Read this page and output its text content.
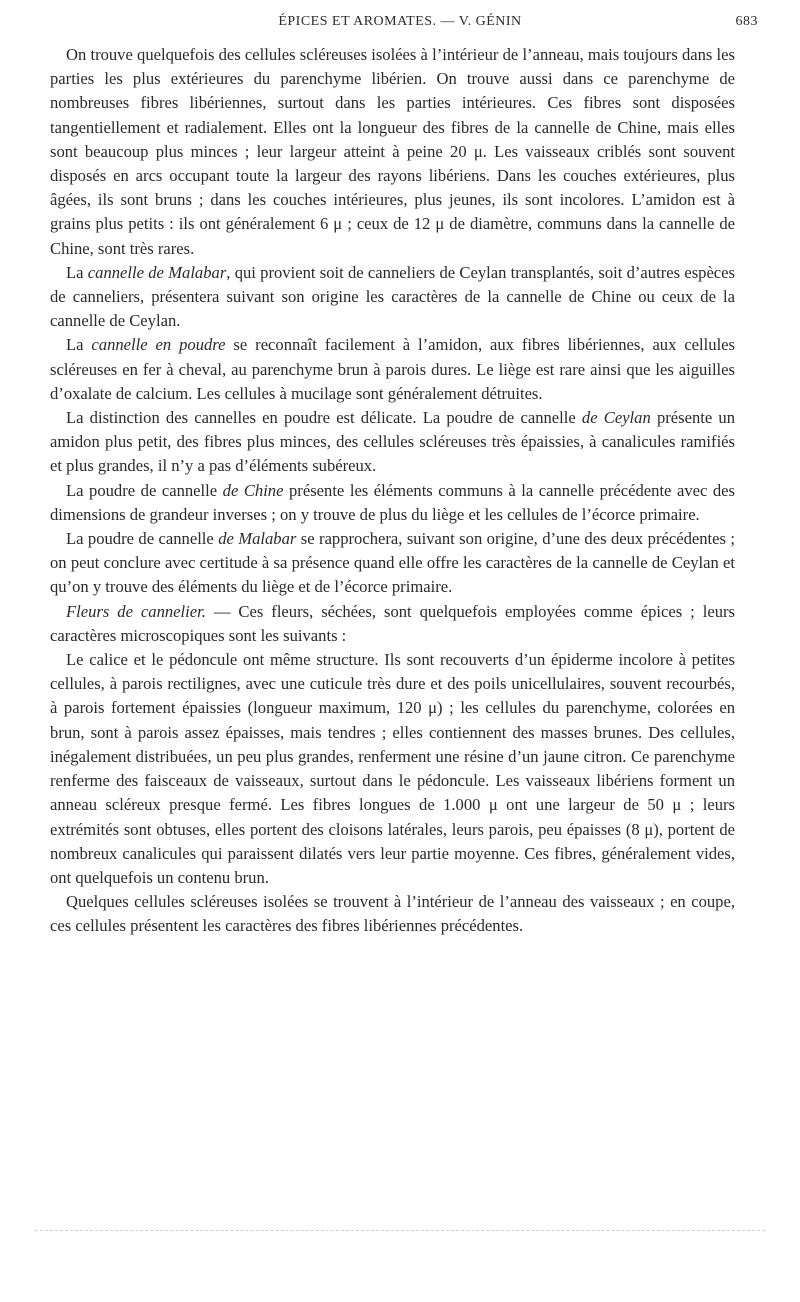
ÉPICES ET AROMATES. — V. GÉNIN	683

On trouve quelquefois des cellules scléreuses isolées à l’intérieur de l’anneau, mais toujours dans les parties les plus extérieures du parenchyme libérien. On trouve aussi dans ce parenchyme de nombreuses fibres libériennes, surtout dans les parties intérieures. Ces fibres sont disposées tangentiellement et radialement. Elles ont la longueur des fibres de la cannelle de Chine, mais elles sont beaucoup plus minces ; leur largeur atteint à peine 20 μ. Les vaisseaux criblés sont souvent disposés en arcs occupant toute la largeur des rayons libériens. Dans les couches extérieures, plus âgées, ils sont bruns ; dans les couches intérieures, plus jeunes, ils sont incolores. L’amidon est à grains plus petits : ils ont généralement 6 μ ; ceux de 12 μ de diamètre, communs dans la cannelle de Chine, sont très rares.

La cannelle de Malabar, qui provient soit de canneliers de Ceylan transplantés, soit d’autres espèces de canneliers, présentera suivant son origine les caractères de la cannelle de Chine ou ceux de la cannelle de Ceylan.

La cannelle en poudre se reconnaît facilement à l’amidon, aux fibres libériennes, aux cellules scléreuses en fer à cheval, au parenchyme brun à parois dures. Le liège est rare ainsi que les aiguilles d’oxalate de calcium. Les cellules à mucilage sont généralement détruites.

La distinction des cannelles en poudre est délicate. La poudre de cannelle de Ceylan présente un amidon plus petit, des fibres plus minces, des cellules scléreuses très épaissies, à canalicules ramifiés et plus grandes, il n’y a pas d’éléments subéreux.

La poudre de cannelle de Chine présente les éléments communs à la cannelle précédente avec des dimensions de grandeur inverses ; on y trouve de plus du liège et les cellules de l’écorce primaire.

La poudre de cannelle de Malabar se rapprochera, suivant son origine, d’une des deux précédentes ; on peut conclure avec certitude à sa présence quand elle offre les caractères de la cannelle de Ceylan et qu’on y trouve des éléments du liège et de l’écorce primaire.

Fleurs de cannelier. — Ces fleurs, séchées, sont quelquefois employées comme épices ; leurs caractères microscopiques sont les suivants :

Le calice et le pédoncule ont même structure. Ils sont recouverts d’un épiderme incolore à petites cellules, à parois rectilignes, avec une cuticule très dure et des poils unicellulaires, souvent recourbés, à parois fortement épaissies (longueur maximum, 120 μ) ; les cellules du parenchyme, colorées en brun, sont à parois assez épaisses, mais tendres ; elles contiennent des masses brunes. Des cellules, inégalement distribuées, un peu plus grandes, renferment une résine d’un jaune citron. Ce parenchyme renferme des faisceaux de vaisseaux, surtout dans le pédoncule. Les vaisseaux libériens forment un anneau scléreux presque fermé. Les fibres longues de 1.000 μ ont une largeur de 50 μ ; leurs extrémités sont obtuses, elles portent des cloisons latérales, leurs parois, peu épaisses (8 μ), portent de nombreux canalicules qui paraissent dilatés vers leur partie moyenne. Ces fibres, généralement vides, ont quelquefois un contenu brun.

Quelques cellules scléreuses isolées se trouvent à l’intérieur de l’anneau des vaisseaux ; en coupe, ces cellules présentent les caractères des fibres libériennes précédentes.
